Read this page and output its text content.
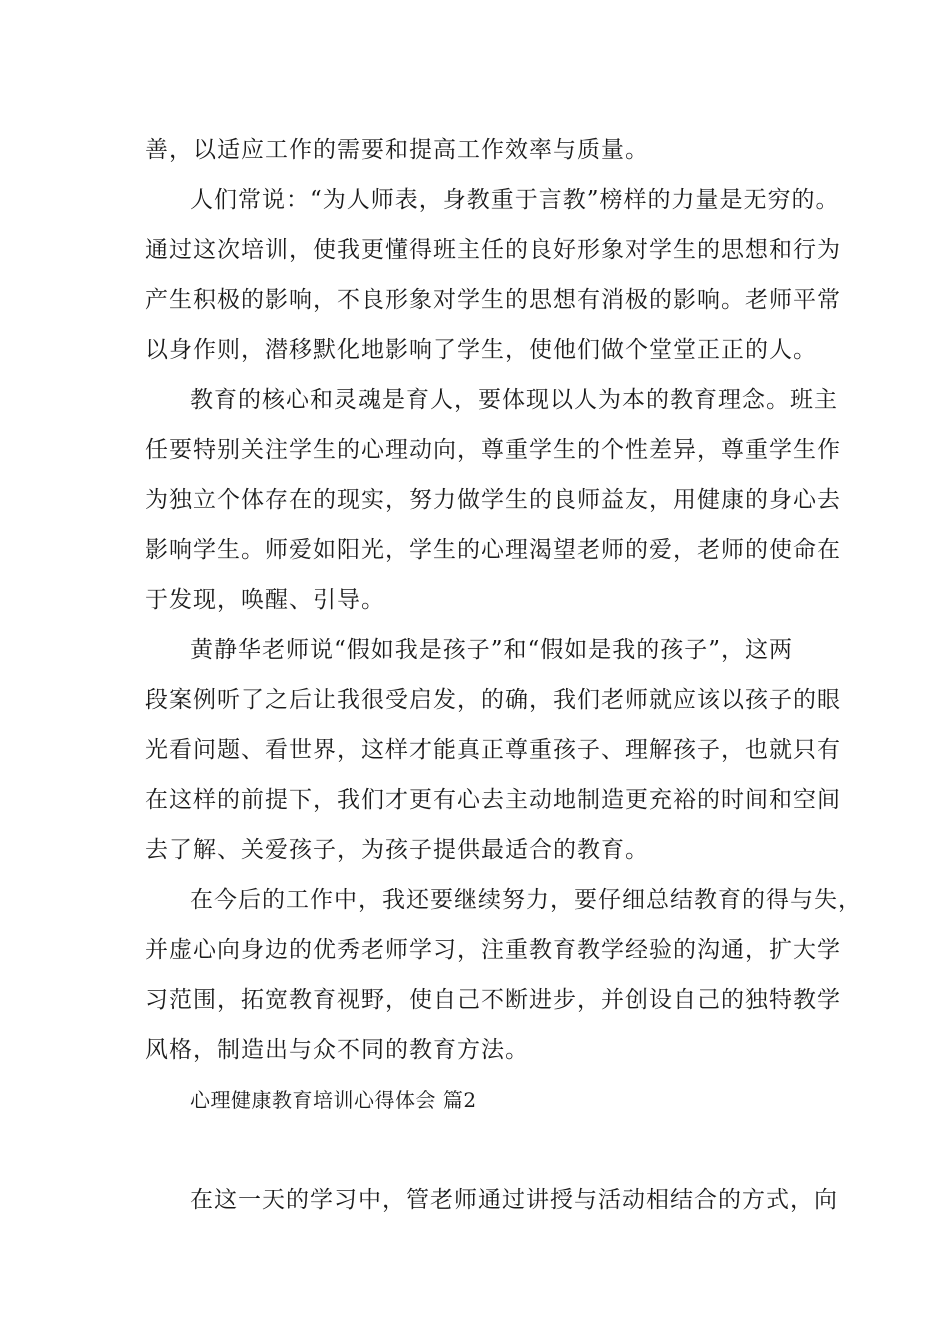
善，以适应工作的需要和提高工作效率与质量。
人们常说：“为人师表，身教重于言教”榜样的力量是无穷的。
通过这次培训，使我更懂得班主任的良好形象对学生的思想和行为
产生积极的影响，不良形象对学生的思想有消极的影响。老师平常
以身作则，潜移默化地影响了学生，使他们做个堂堂正正的人。
教育的核心和灵魂是育人，要体现以人为本的教育理念。班主
任要特别关注学生的心理动向，尊重学生的个性差异，尊重学生作
为独立个体存在的现实，努力做学生的良师益友，用健康的身心去
影响学生。师爱如阳光，学生的心理渴望老师的爱，老师的使命在
于发现，唤醒、引导。
黄静华老师说“假如我是孩子”和“假如是我的孩子”，这两
段案例听了之后让我很受启发，的确，我们老师就应该以孩子的眼
光看问题、看世界，这样才能真正尊重孩子、理解孩子，也就只有
在这样的前提下，我们才更有心去主动地制造更充裕的时间和空间
去了解、关爱孩子，为孩子提供最适合的教育。
在今后的工作中，我还要继续努力，要仔细总结教育的得与失，
并虚心向身边的优秀老师学习，注重教育教学经验的沟通，扩大学
习范围，拓宽教育视野，使自己不断进步，并创设自己的独特教学
风格，制造出与众不同的教育方法。
心理健康教育培训心得体会 篇2
在这一天的学习中，管老师通过讲授与活动相结合的方式，向
